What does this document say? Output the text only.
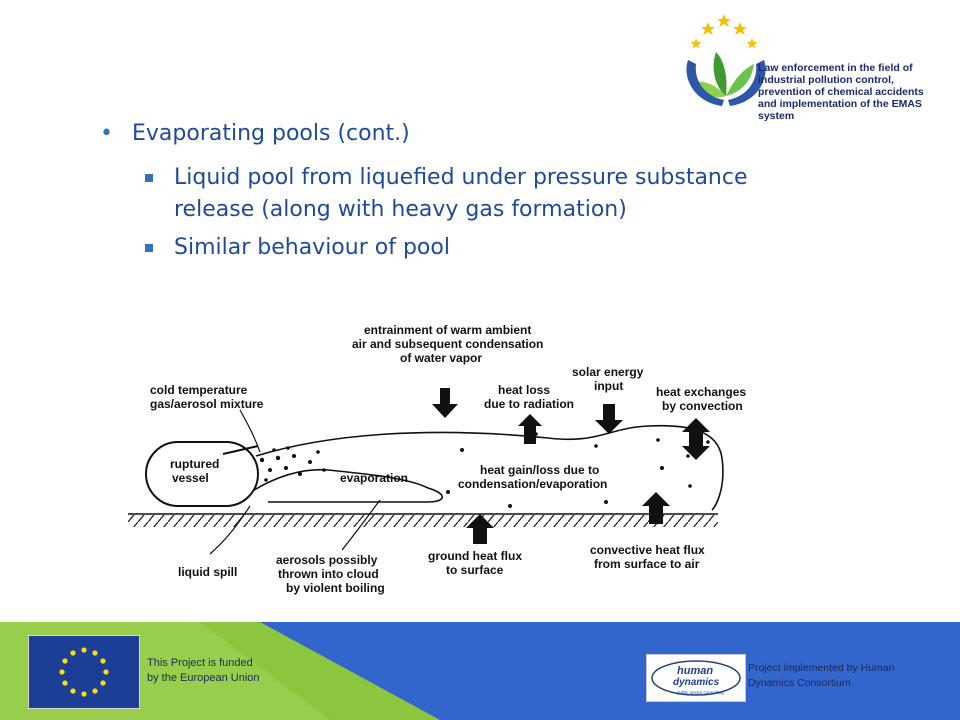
Law enforcement in the field of
industrial pollution control,
prevention of chemical accidents
and implementation of the EMAS system
• Evaporating pools (cont.)
Liquid pool from liquefied under pressure substance release (along with heavy gas formation)
Similar behaviour of pool
entrainment of warm ambient air and subsequent condensation of water vapor
cold temperature gas/aerosol mixture
heat loss due to radiation
solar energy input	heat exchanges by convection
ruptured vessel	evaporation
heat gain/loss due to condensation/evaporation
liquid spill
aerosols possibly thrown into cloud by violent boiling
ground heat flux to surface
convective heat flux from surface to air
This Project is funded
by the European Union
human
dynamics
public sector consulting
Project implemented by Human
Dynamics Consortium
